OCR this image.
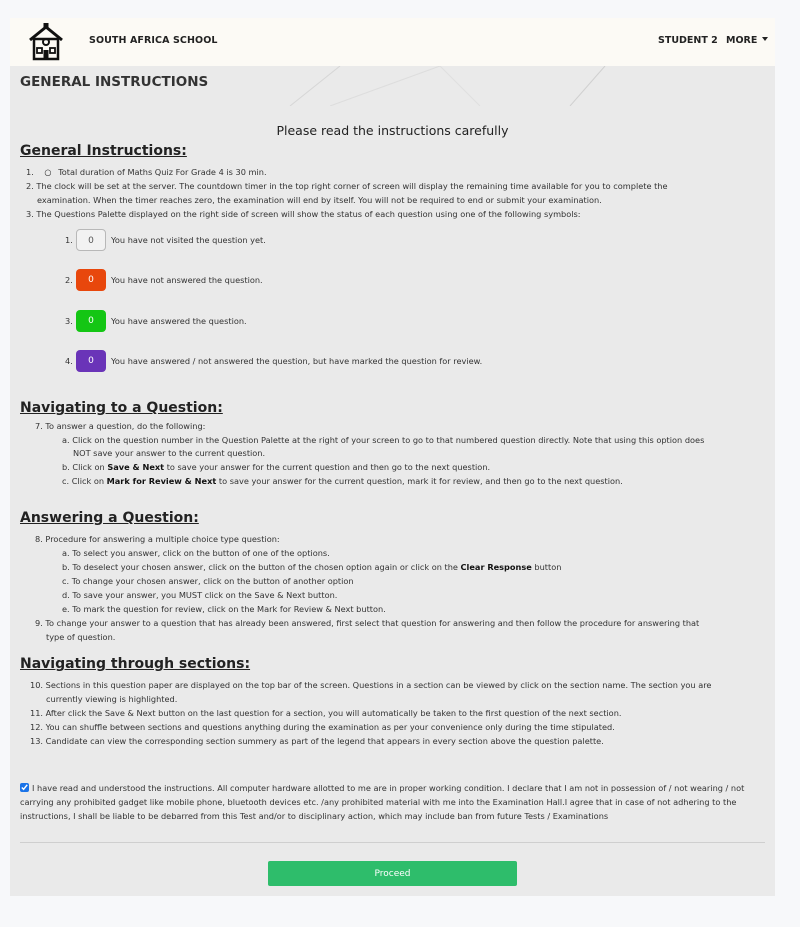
SOUTH AFRICA SCHOOL	STUDENT 2 MORE
GENERAL INSTRUCTIONS
Please read the instructions carefully
General Instructions:
1. ○ Total duration of Maths Quiz For Grade 4 is 30 min.
2. The clock will be set at the server. The countdown timer in the top right corner of screen will display the remaining time available for you to complete the
examination. When the timer reaches zero, the examination will end by itself. You will not be required to end or submit your examination.
3. The Questions Palette displayed on the right side of screen will show the status of each question using one of the following symbols:
1.	0	You have not visited the question yet.
2.	0	You have not answered the question.
3.	0	You have answered the question.
4.	0	You have answered / not answered the question, but have marked the question for review.
Navigating to a Question:
7. To answer a question, do the following:
a. Click on the question number in the Question Palette at the right of your screen to go to that numbered question directly. Note that using this option does
NOT save your answer to the current question.
b. Click on Save & Next to save your answer for the current question and then go to the next question.
c. Click on Mark for Review & Next to save your answer for the current question, mark it for review, and then go to the next question.
Answering a Question:
8. Procedure for answering a multiple choice type question:
a. To select you answer, click on the button of one of the options.
b. To deselect your chosen answer, click on the button of the chosen option again or click on the Clear Response button
c. To change your chosen answer, click on the button of another option
d. To save your answer, you MUST click on the Save & Next button.
e. To mark the question for review, click on the Mark for Review & Next button.
9. To change your answer to a question that has already been answered, first select that question for answering and then follow the procedure for answering that
type of question.
Navigating through sections:
10. Sections in this question paper are displayed on the top bar of the screen. Questions in a section can be viewed by click on the section name. The section you are
currently viewing is highlighted.
11. After click the Save & Next button on the last question for a section, you will automatically be taken to the first question of the next section.
12. You can shuffle between sections and questions anything during the examination as per your convenience only during the time stipulated.
13. Candidate can view the corresponding section summery as part of the legend that appears in every section above the question palette.
I have read and understood the instructions. All computer hardware allotted to me are in proper working condition. I declare that I am not in possession of / not wearing / not carrying any prohibited gadget like mobile phone, bluetooth devices etc. /any prohibited material with me into the Examination Hall.I agree that in case of not adhering to the instructions, I shall be liable to be debarred from this Test and/or to disciplinary action, which may include ban from future Tests / Examinations
Proceed
